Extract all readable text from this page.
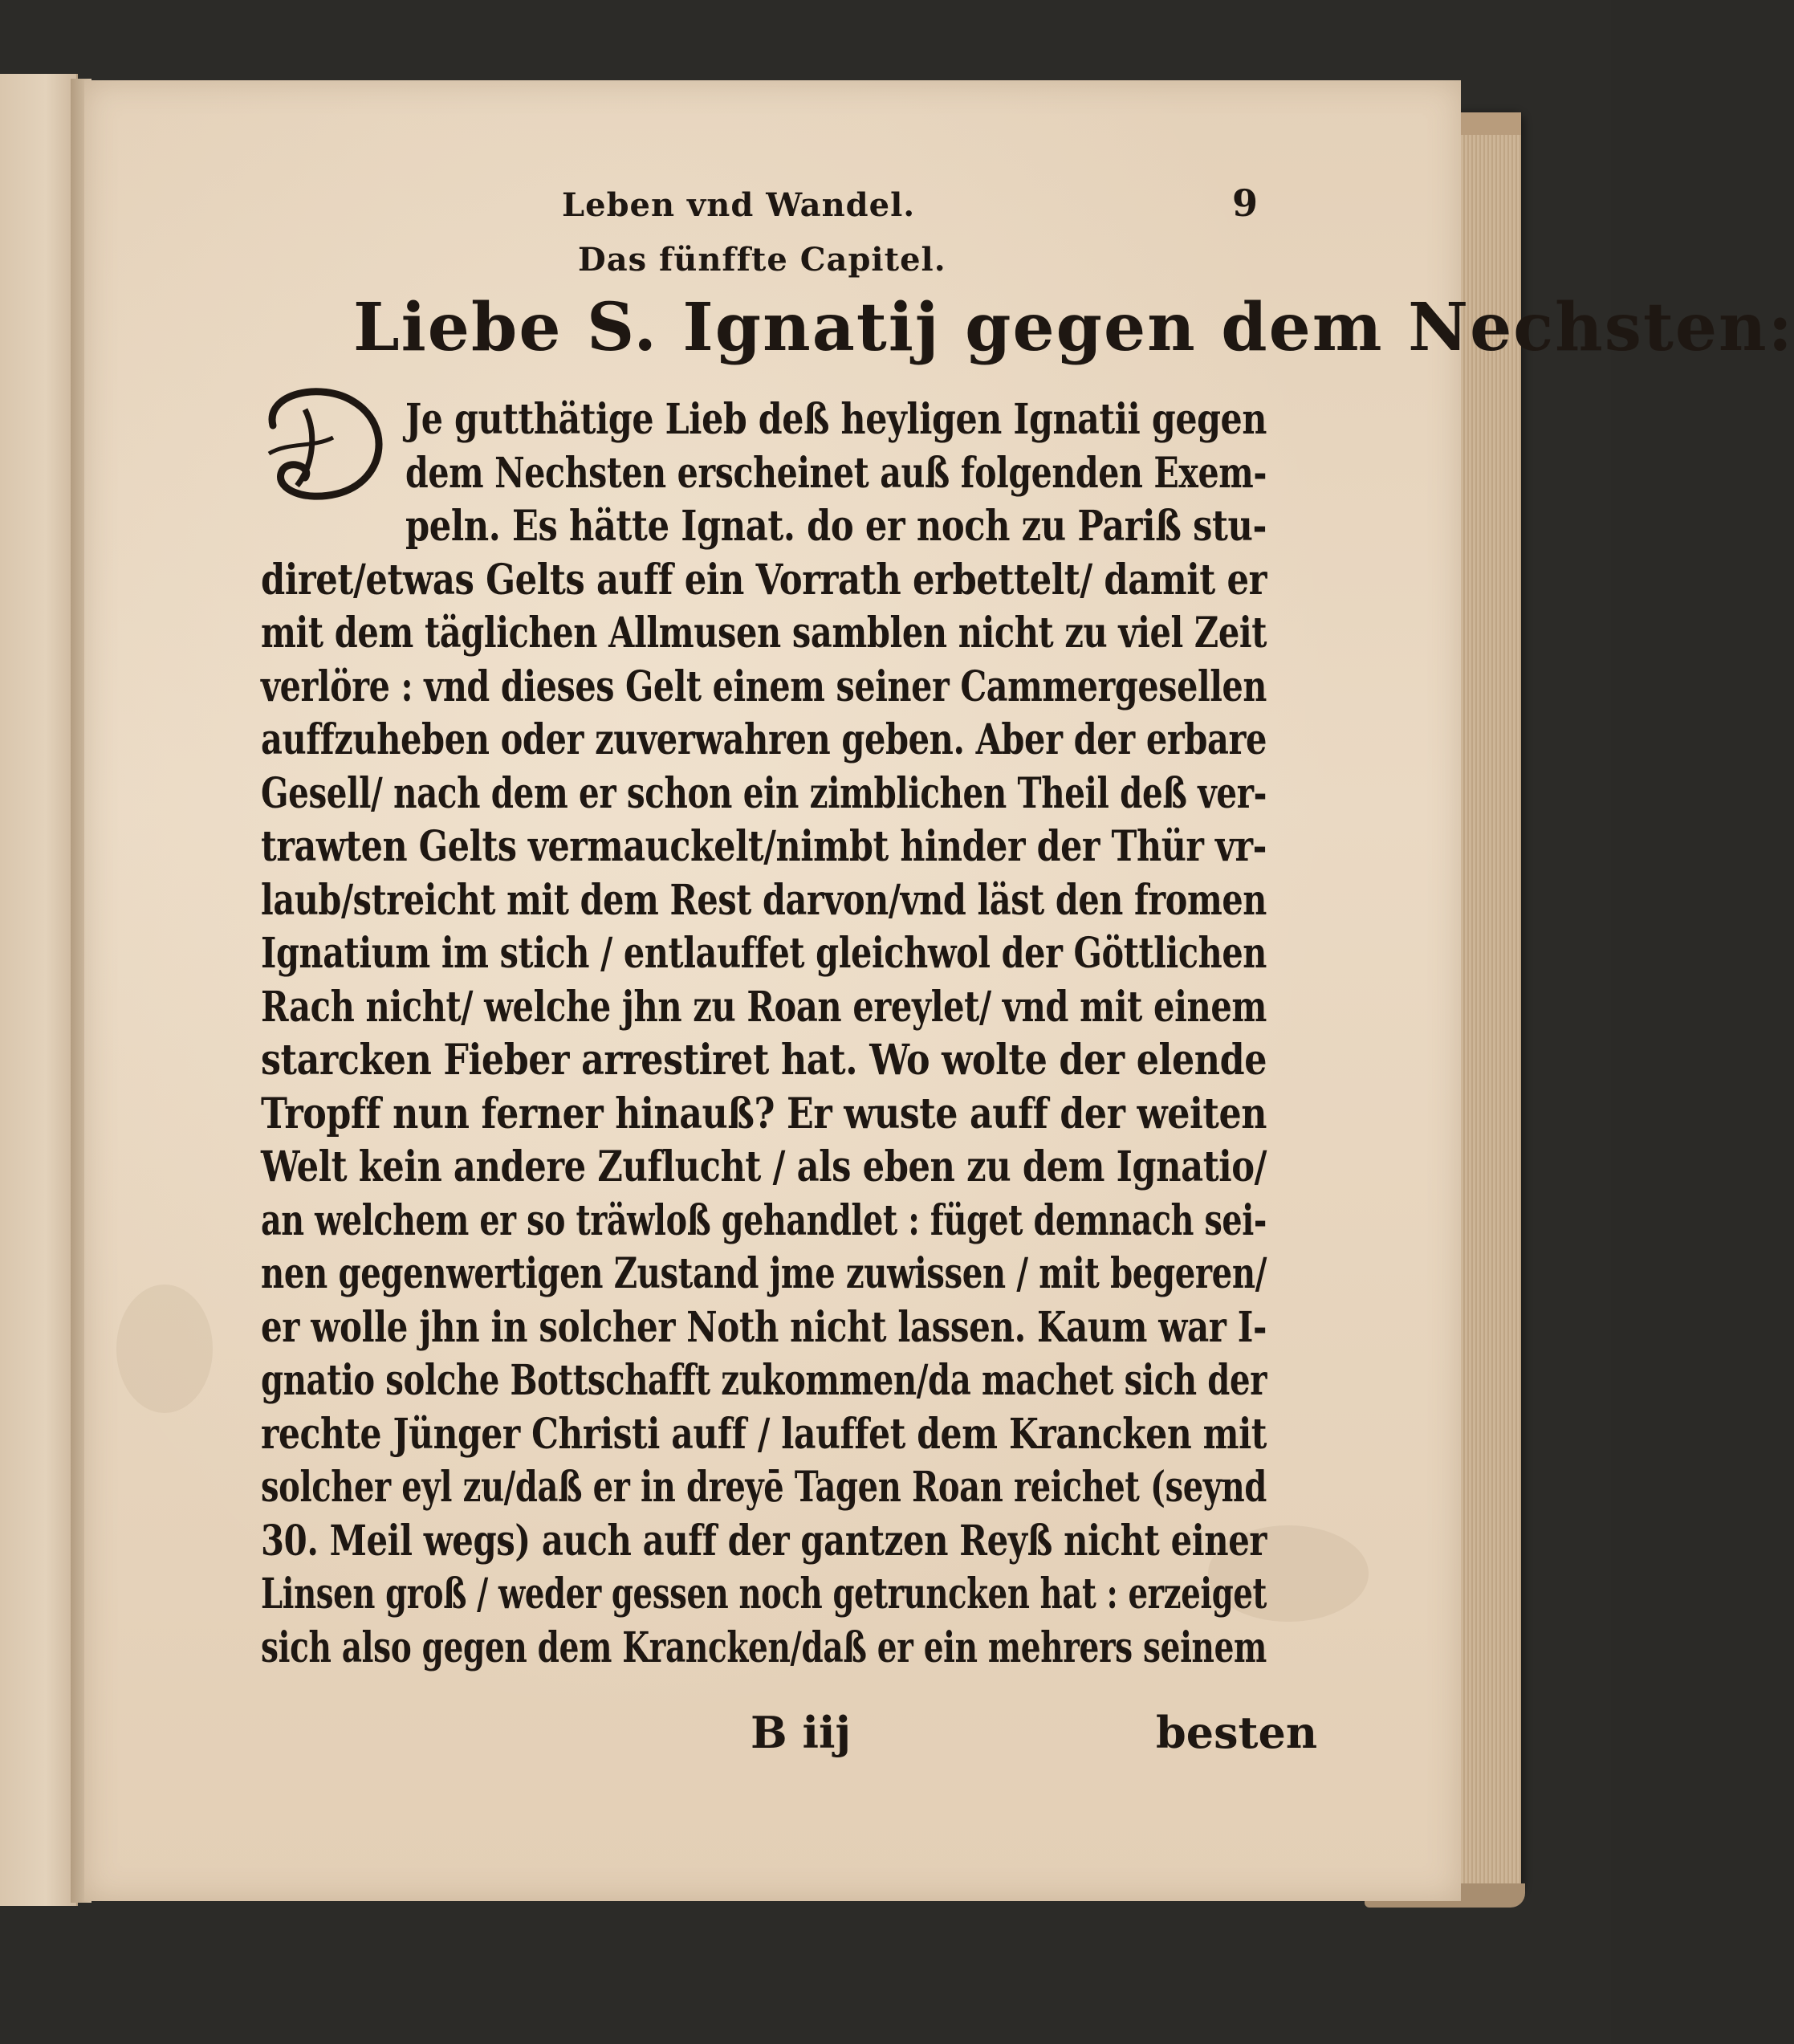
Leben vnd Wandel.	9
Das fünffte Capitel.
Liebe S. Ignatij gegen dem Nechsten:
Je gutthätige Lieb deß heyligen Ignatii gegen
dem Nechsten erscheinet auß folgenden Exem-
peln. Es hätte Ignat. do er noch zu Pariß stu-
diret/etwas Gelts auff ein Vorrath erbettelt/ damit er
mit dem täglichen Allmusen samblen nicht zu viel Zeit
verlöre : vnd dieses Gelt einem seiner Cammergesellen
auffzuheben oder zuverwahren geben. Aber der erbare
Gesell/ nach dem er schon ein zimblichen Theil deß ver-
trawten Gelts vermauckelt/nimbt hinder der Thür vr-
laub/streicht mit dem Rest darvon/vnd läst den fromen
Ignatium im stich / entlauffet gleichwol der Göttlichen
Rach nicht/ welche jhn zu Roan ereylet/ vnd mit einem
starcken Fieber arrestiret hat. Wo wolte der elende
Tropff nun ferner hinauß? Er wuste auff der weiten
Welt kein andere Zuflucht / als eben zu dem Ignatio/
an welchem er so träwloß gehandlet : füget demnach sei-
nen gegenwertigen Zustand jme zuwissen / mit begeren/
er wolle jhn in solcher Noth nicht lassen. Kaum war I-
gnatio solche Bottschafft zukommen/da machet sich der
rechte Jünger Christi auff / lauffet dem Krancken mit
solcher eyl zu/daß er in dreyē Tagen Roan reichet (seynd
30. Meil wegs) auch auff der gantzen Reyß nicht einer
Linsen groß / weder gessen noch getruncken hat : erzeiget
sich also gegen dem Krancken/daß er ein mehrers seinem
B iij	besten
